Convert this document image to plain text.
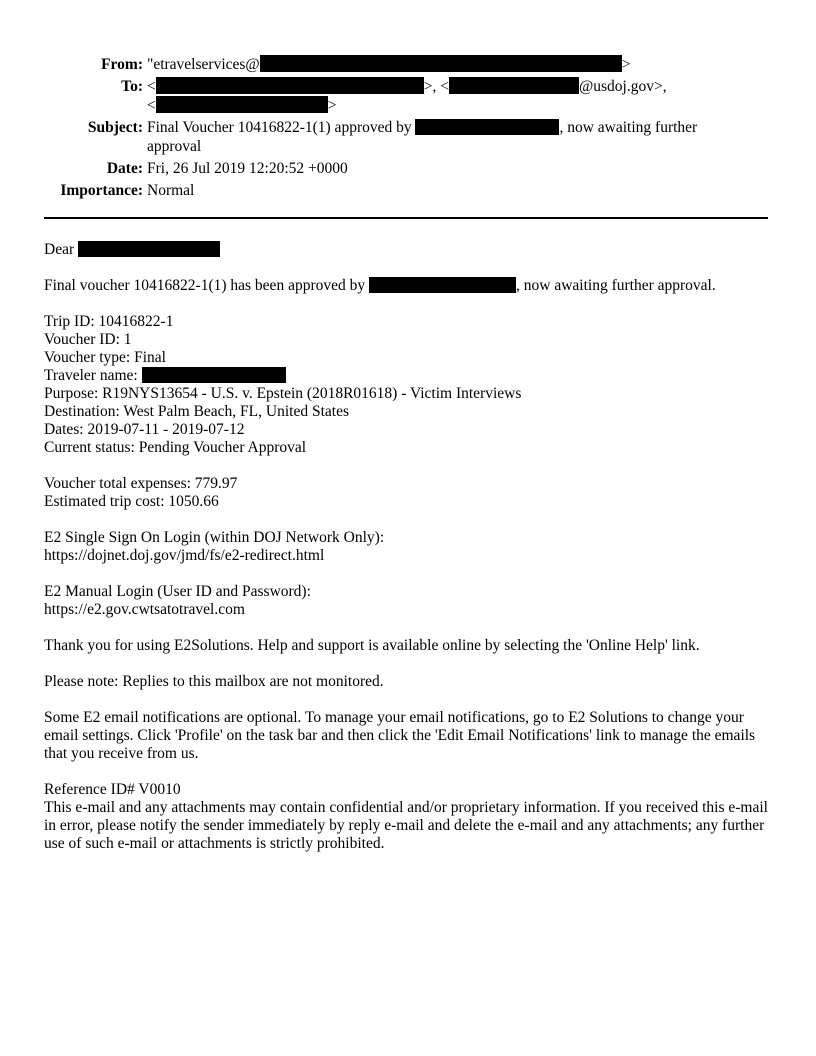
From: "etravelservices@	>
To: <	>, <	@usdoj.gov>,
<	>
Subject: Final Voucher 10416822-1(1) approved by	, now awaiting further
approval
Date: Fri, 26 Jul 2019 12:20:52 +0000
Importance: Normal
Dear
Final voucher 10416822-1(1) has been approved by	, now awaiting further approval.
Trip ID: 10416822-1
Voucher ID: 1
Voucher type: Final
Traveler name:
Purpose: R19NYS13654 - U.S. v. Epstein (2018R01618) - Victim Interviews
Destination: West Palm Beach, FL, United States
Dates: 2019-07-11 - 2019-07-12
Current status: Pending Voucher Approval
Voucher total expenses: 779.97
Estimated trip cost: 1050.66
E2 Single Sign On Login (within DOJ Network Only):
https://dojnet.doj.gov/jmd/fs/e2-redirect.html
E2 Manual Login (User ID and Password):
https://e2.gov.cwtsatotravel.com
Thank you for using E2Solutions. Help and support is available online by selecting the 'Online Help' link.
Please note: Replies to this mailbox are not monitored.
Some E2 email notifications are optional. To manage your email notifications, go to E2 Solutions to change your email settings. Click 'Profile' on the task bar and then click the 'Edit Email Notifications' link to manage the emails that you receive from us.
Reference ID# V0010
This e-mail and any attachments may contain confidential and/or proprietary information. If you received this e-mail in error, please notify the sender immediately by reply e-mail and delete the e-mail and any attachments; any further use of such e-mail or attachments is strictly prohibited.
